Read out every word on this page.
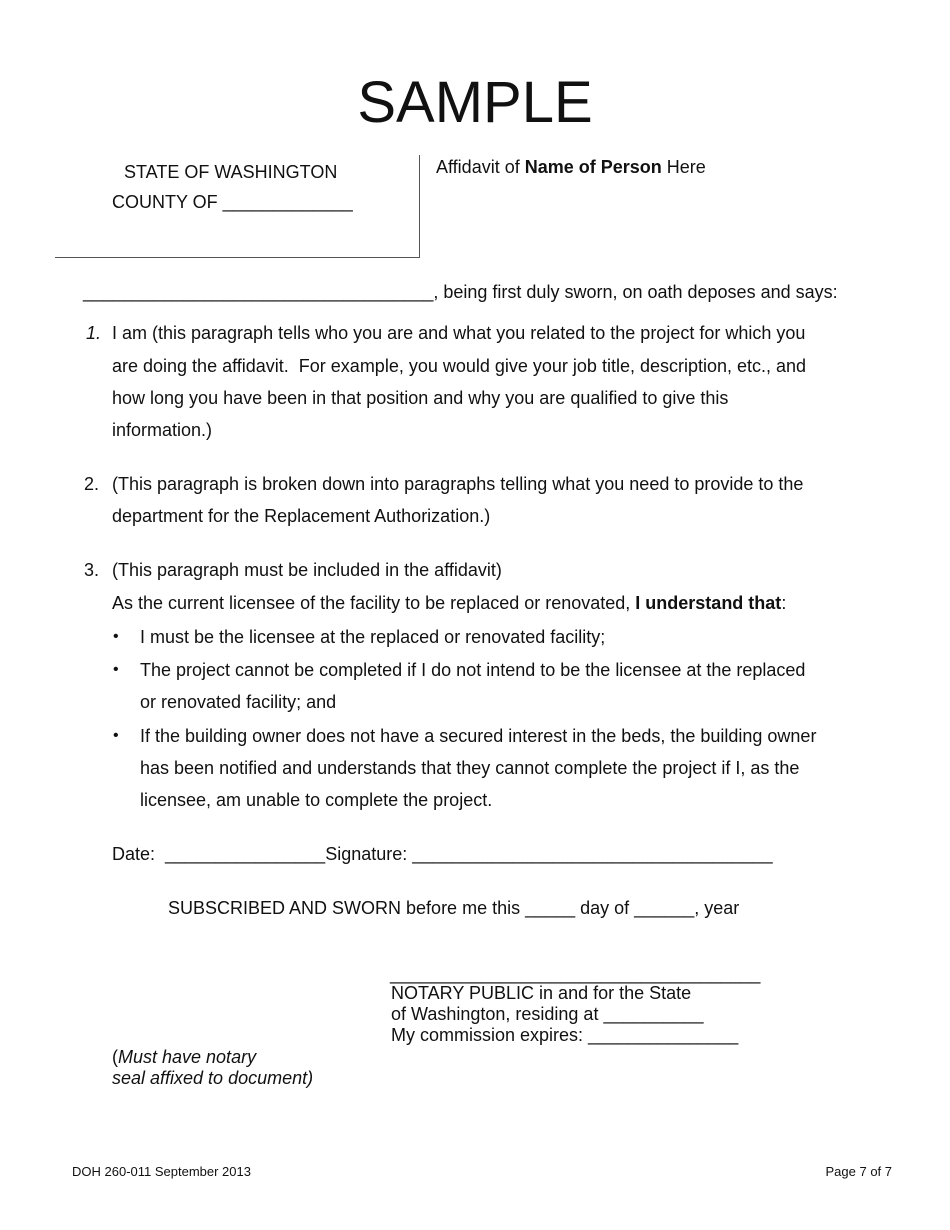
SAMPLE
STATE OF WASHINGTON
COUNTY OF _____________
Affidavit of Name of Person Here
___________________________________, being first duly sworn, on oath deposes and says:
1. I am (this paragraph tells who you are and what you related to the project for which you
are doing the affidavit.  For example, you would give your job title, description, etc., and
how long you have been in that position and why you are qualified to give this
information.)
2. (This paragraph is broken down into paragraphs telling what you need to provide to the
department for the Replacement Authorization.)
3. (This paragraph must be included in the affidavit)
As the current licensee of the facility to be replaced or renovated, I understand that:
• I must be the licensee at the replaced or renovated facility;
• The project cannot be completed if I do not intend to be the licensee at the replaced
or renovated facility; and
• If the building owner does not have a secured interest in the beds, the building owner
has been notified and understands that they cannot complete the project if I, as the
licensee, am unable to complete the project.
Date:  ________________Signature: ____________________________________
SUBSCRIBED AND SWORN before me this _____ day of ______, year
_____________________________________
NOTARY PUBLIC in and for the State
of Washington, residing at __________
My commission expires: _______________
(Must have notary
seal affixed to document)
DOH 260-011 September 2013	Page 7 of 7
